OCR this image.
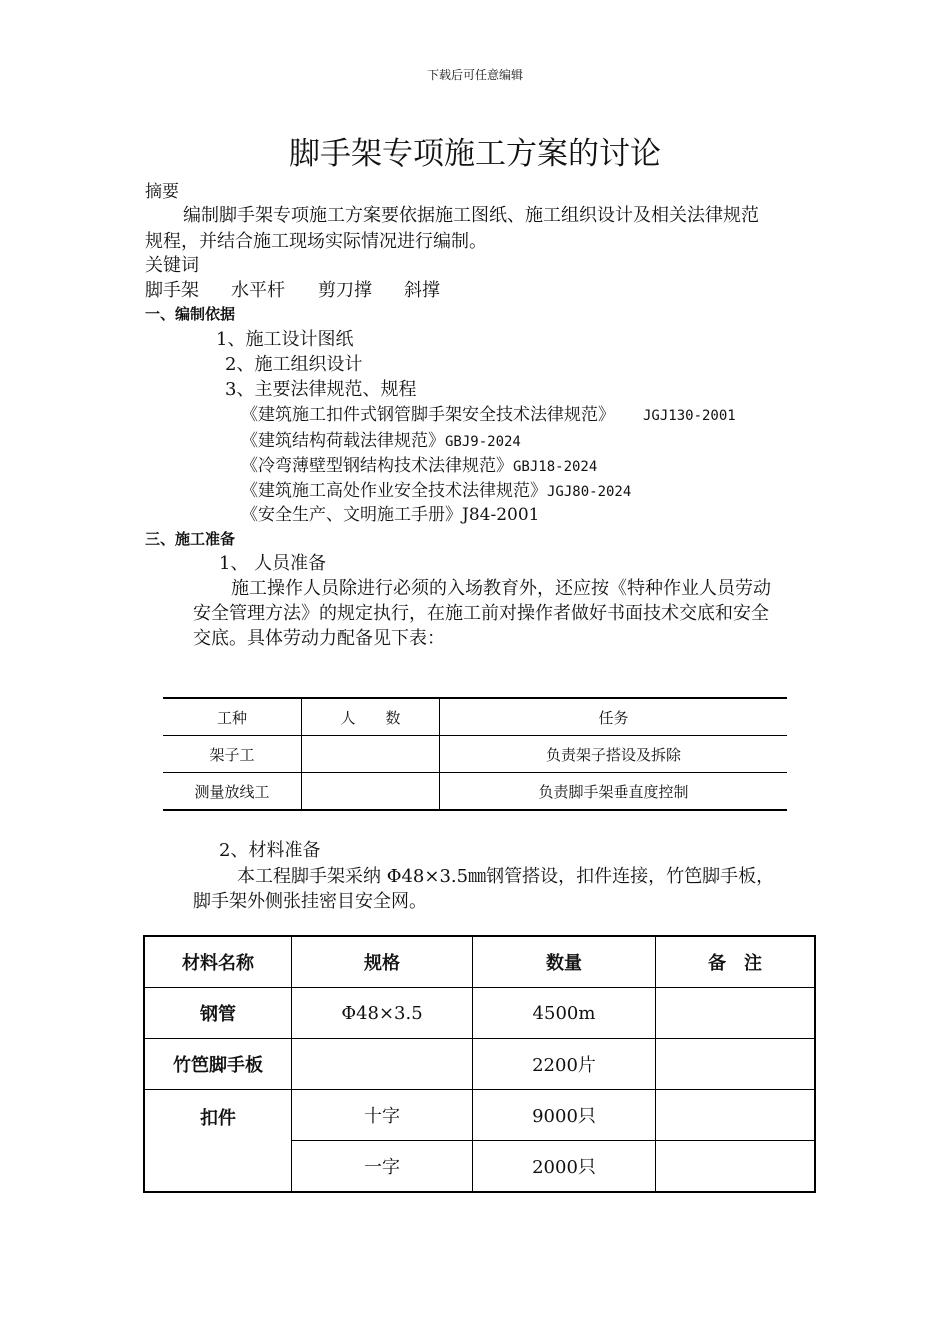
下载后可任意编辑
脚手架专项施工方案的讨论
摘要
编制脚手架专项施工方案要依据施工图纸、施工组织设计及相关法律规范
规程，并结合施工现场实际情况进行编制。
关键词
脚手架 水平杆 剪刀撑 斜撑
一、编制依据
1、施工设计图纸
2、施工组织设计
3、主要法律规范、规程
《建筑施工扣件式钢管脚手架安全技术法律规范》 JGJ130-2001
《建筑结构荷载法律规范》GBJ9-2024
《冷弯薄壁型钢结构技术法律规范》GBJ18-2024
《建筑施工高处作业安全技术法律规范》JGJ80-2024
《安全生产、文明施工手册》J84-2001
三、施工准备
1、 人员准备
施工操作人员除进行必须的入场教育外，还应按《特种作业人员劳动
安全管理方法》的规定执行，在施工前对操作者做好书面技术交底和安全
交底。具体劳动力配备见下表：
工种	人　　数	任务
架子工		负责架子搭设及拆除
测量放线工		负责脚手架垂直度控制
2、材料准备
本工程脚手架采纳 Φ48×3.5㎜钢管搭设，扣件连接，竹笆脚手板，
脚手架外侧张挂密目安全网。
材料名称	规格	数量	备　注
钢管	Φ48×3.5	4500m	
竹笆脚手板		2200片	
扣件	十字	9000只	
	一字	2000只	
